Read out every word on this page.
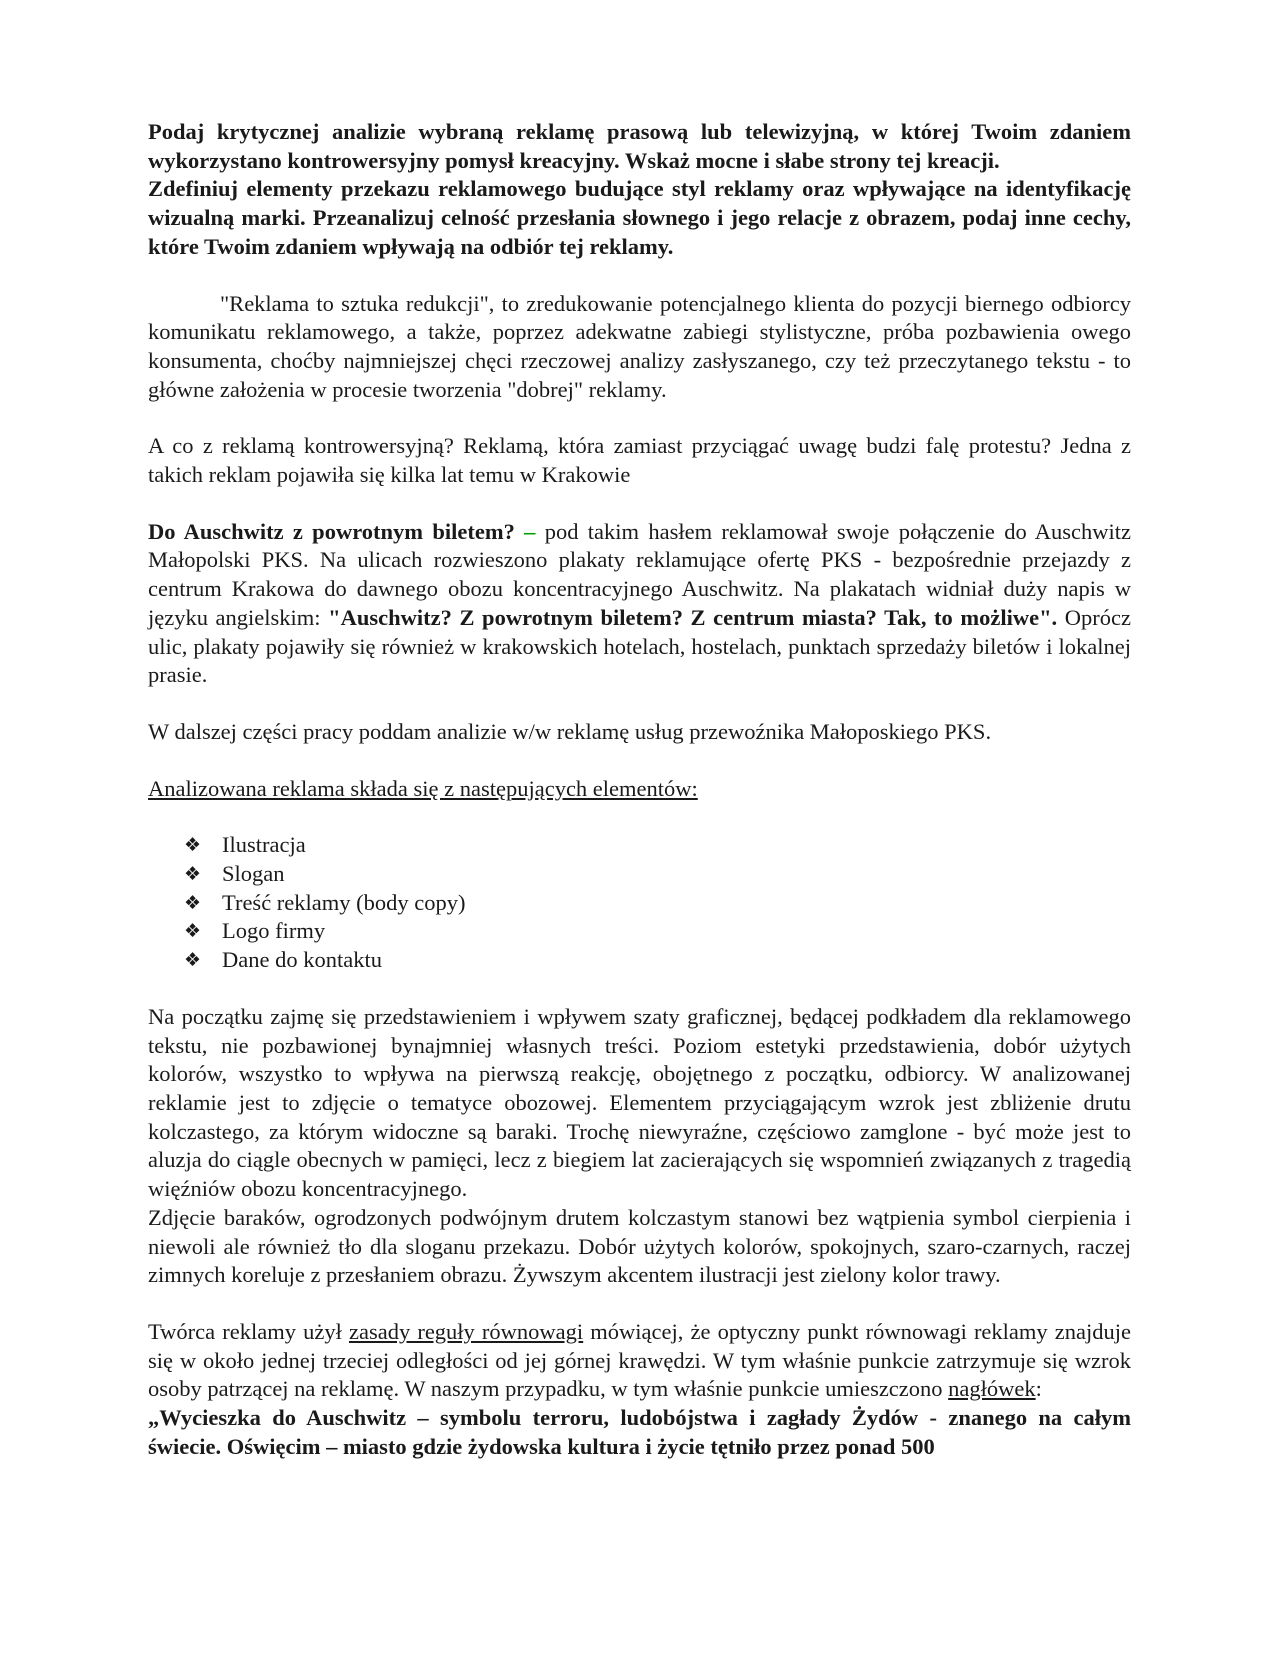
Podaj krytycznej analizie wybraną reklamę prasową lub telewizyjną, w której Twoim zdaniem wykorzystano kontrowersyjny pomysł kreacyjny. Wskaż mocne i słabe strony tej kreacji.

Zdefiniuj elementy przekazu reklamowego budujące styl reklamy oraz wpływające na identyfikację wizualną marki. Przeanalizuj celność przesłania słownego i jego relacje z obrazem, podaj inne cechy, które Twoim zdaniem wpływają na odbiór tej reklamy.

"Reklama to sztuka redukcji", to zredukowanie potencjalnego klienta do pozycji biernego odbiorcy komunikatu reklamowego, a także, poprzez adekwatne zabiegi stylistyczne, próba pozbawienia owego konsumenta, choćby najmniejszej chęci rzeczowej analizy zasłyszanego, czy też przeczytanego tekstu - to główne założenia w procesie tworzenia "dobrej" reklamy.

A co z reklamą kontrowersyjną? Reklamą, która zamiast przyciągać uwagę budzi falę protestu? Jedna z takich reklam pojawiła się kilka lat temu w Krakowie

Do Auschwitz z powrotnym biletem? – pod takim hasłem reklamował swoje połączenie do Auschwitz Małopolski PKS. Na ulicach rozwieszono plakaty reklamujące ofertę PKS - bezpośrednie przejazdy z centrum Krakowa do dawnego obozu koncentracyjnego Auschwitz. Na plakatach widniał duży napis w języku angielskim: "Auschwitz? Z powrotnym biletem? Z centrum miasta? Tak, to możliwe". Oprócz ulic, plakaty pojawiły się również w krakowskich hotelach, hostelach, punktach sprzedaży biletów i lokalnej prasie.

W dalszej części pracy poddam analizie w/w reklamę usług przewoźnika Małoposkiego PKS.

Analizowana reklama składa się z następujących elementów:

❖ Ilustracja
❖ Slogan
❖ Treść reklamy (body copy)
❖ Logo firmy
❖ Dane do kontaktu

Na początku zajmę się przedstawieniem i wpływem szaty graficznej, będącej podkładem dla reklamowego tekstu, nie pozbawionej bynajmniej własnych treści. Poziom estetyki przedstawienia, dobór użytych kolorów, wszystko to wpływa na pierwszą reakcję, obojętnego z początku, odbiorcy. W analizowanej reklamie jest to zdjęcie o tematyce obozowej. Elementem przyciągającym wzrok jest zbliżenie drutu kolczastego, za którym widoczne są baraki. Trochę niewyraźne, częściowo zamglone - być może jest to aluzja do ciągle obecnych w pamięci, lecz z biegiem lat zacierających się wspomnień związanych z tragedią więźniów obozu koncentracyjnego.

Zdjęcie baraków, ogrodzonych podwójnym drutem kolczastym stanowi bez wątpienia symbol cierpienia i niewoli ale również tło dla sloganu przekazu. Dobór użytych kolorów, spokojnych, szaro-czarnych, raczej zimnych koreluje z przesłaniem obrazu. Żywszym akcentem ilustracji jest zielony kolor trawy.

Twórca reklamy użył zasady reguły równowagi mówiącej, że optyczny punkt równowagi reklamy znajduje się w około jednej trzeciej odległości od jej górnej krawędzi. W tym właśnie punkcie zatrzymuje się wzrok osoby patrzącej na reklamę. W naszym przypadku, w tym właśnie punkcie umieszczono nagłówek:

„Wycieszka do Auschwitz – symbolu terroru, ludobójstwa i zagłady Żydów - znanego na całym świecie. Oświęcim – miasto gdzie żydowska kultura i życie tętniło przez ponad 500
